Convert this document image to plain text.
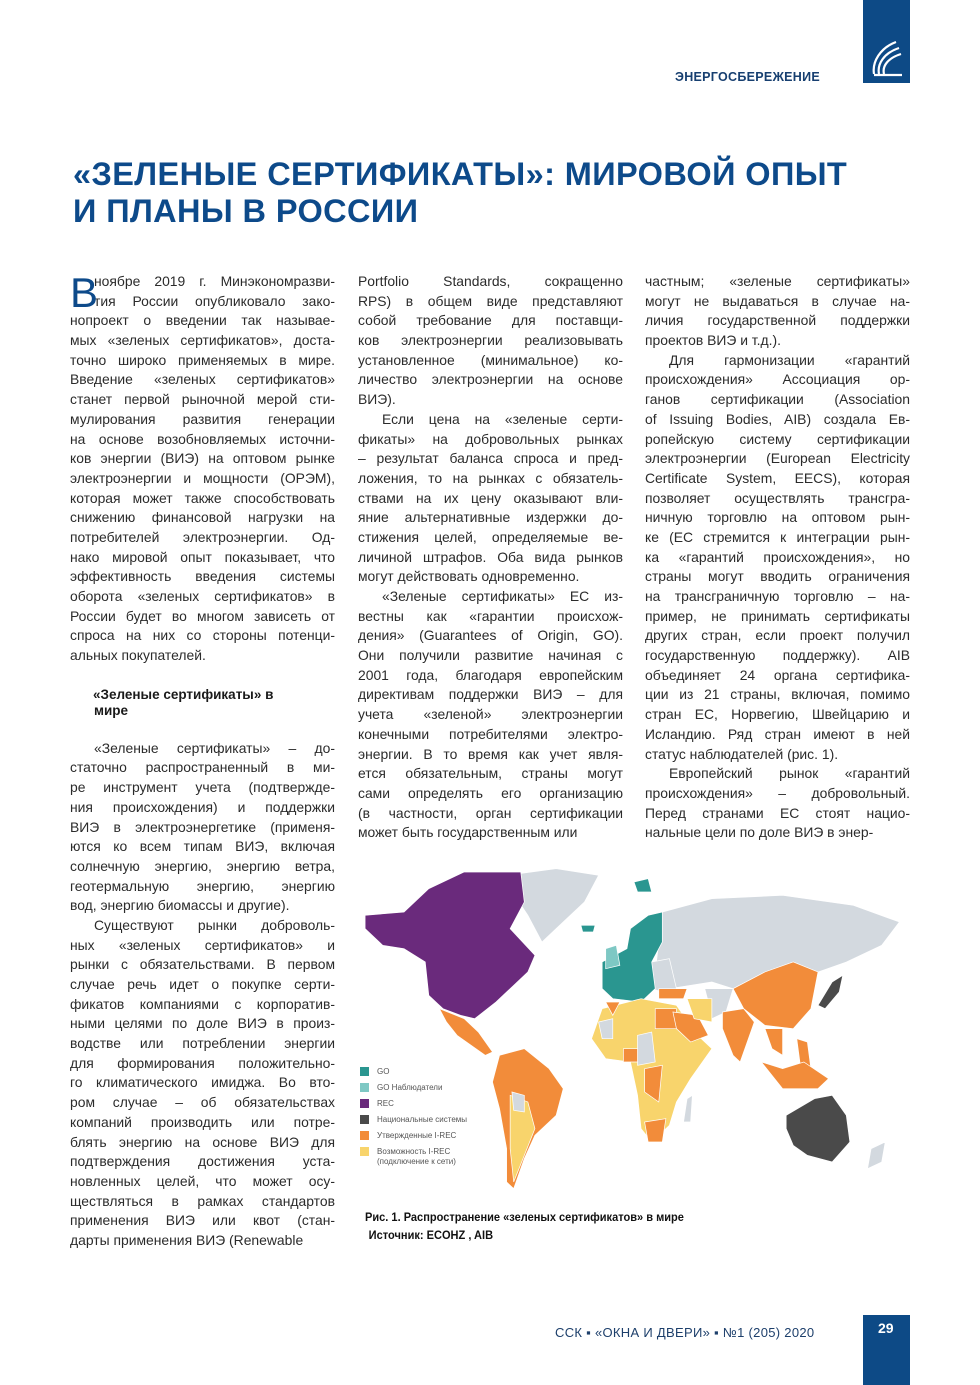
ЭНЕРГОСБЕРЕЖЕНИЕ
«ЗЕЛЕНЫЕ СЕРТИФИКАТЫ»: МИРОВОЙ ОПЫТ
И ПЛАНЫ В РОССИИ
В
ноябре 2019 г. Минэкономразви-
тия России опубликовало зако-
нопроект о введении так называе-
мых «зеленых сертификатов», доста-
точно широко применяемых в мире.
Введение «зеленых сертификатов»
станет первой рыночной мерой сти-
мулирования развития генерации
на основе возобновляемых источни-
ков энергии (ВИЭ) на оптовом рынке
электроэнергии и мощности (ОРЭМ),
которая может также способствовать
снижению финансовой нагрузки на
потребителей электроэнергии. Од-
нако мировой опыт показывает, что
эффективность введения системы
оборота «зеленых сертификатов» в
России будет во многом зависеть от
спроса на них со стороны потенци-
альных покупателей.
«Зеленые сертификаты» в
мире
«Зеленые сертификаты» – до-
статочно распространенный в ми-
ре инструмент учета (подтвержде-
ния происхождения) и поддержки
ВИЭ в электроэнергетике (применя-
ются ко всем типам ВИЭ, включая
солнечную энергию, энергию ветра,
геотермальную энергию, энергию
вод, энергию биомассы и другие).
Существуют рынки доброволь-
ных «зеленых сертификатов» и
рынки с обязательствами. В первом
случае речь идет о покупке серти-
фикатов компаниями с корпоратив-
ными целями по доле ВИЭ в произ-
водстве или потреблении энергии
для формирования положительно-
го климатического имиджа. Во вто-
ром случае – об обязательствах
компаний производить или потре-
блять энергию на основе ВИЭ для
подтверждения достижения уста-
новленных целей, что может осу-
ществляться в рамках стандартов
применения ВИЭ или квот (стан-
дарты применения ВИЭ (Renewable
Portfolio Standards, сокращенно
RPS) в общем виде представляют
собой требование для поставщи-
ков электроэнергии реализовывать
установленное (минимальное) ко-
личество электроэнергии на основе
ВИЭ).
Если цена на «зеленые серти-
фикаты» на добровольных рынках
– результат баланса спроса и пред-
ложения, то на рынках с обязатель-
ствами на их цену оказывают вли-
яние альтернативные издержки до-
стижения целей, определяемые ве-
личиной штрафов. Оба вида рынков
могут действовать одновременно.
«Зеленые сертификаты» ЕС из-
вестны как «гарантии происхож-
дения» (Guarantees of Origin, GO).
Они получили развитие начиная с
2001 года, благодаря европейским
директивам поддержки ВИЭ – для
учета «зеленой» электроэнергии
конечными потребителями электро-
энергии. В то время как учет явля-
ется обязательным, страны могут
сами определять его организацию
(в частности, орган сертификации
может быть государственным или
частным; «зеленые сертификаты»
могут не выдаваться в случае на-
личия государственной поддержки
проектов ВИЭ и т.д.).
Для гармонизации «гарантий
происхождения» Ассоциация ор-
ганов сертификации (Association
of Issuing Bodies, AIB) создала Ев-
ропейскую систему сертификации
электроэнергии (European Electricity
Certificate System, EECS), которая
позволяет осуществлять трансгра-
ничную торговлю на оптовом рын-
ке (ЕС стремится к интеграции рын-
ка «гарантий происхождения», но
страны могут вводить ограничения
на трансграничную торговлю – на-
пример, не принимать сертификаты
других стран, если проект получил
государственную поддержку). AIB
объединяет 24 органа сертифика-
ции из 21 страны, включая, помимо
стран ЕС, Норвегию, Швейцарию и
Исландию. Ряд стран имеют в ней
статус наблюдателей (рис. 1).
Европейский рынок «гарантий
происхождения» – добровольный.
Перед странами ЕС стоят нацио-
нальные цели по доле ВИЭ в энер-
GO
GO Наблюдатели
REC
Национальные системы
Утвержденные I-REC
Возможность I-REC (подключение к сети)
Рис. 1. Распространение «зеленых сертификатов» в мире
Источник: ECOHZ , AIB
ССК ▪ «ОКНА И ДВЕРИ» ▪ №1 (205) 2020	29
